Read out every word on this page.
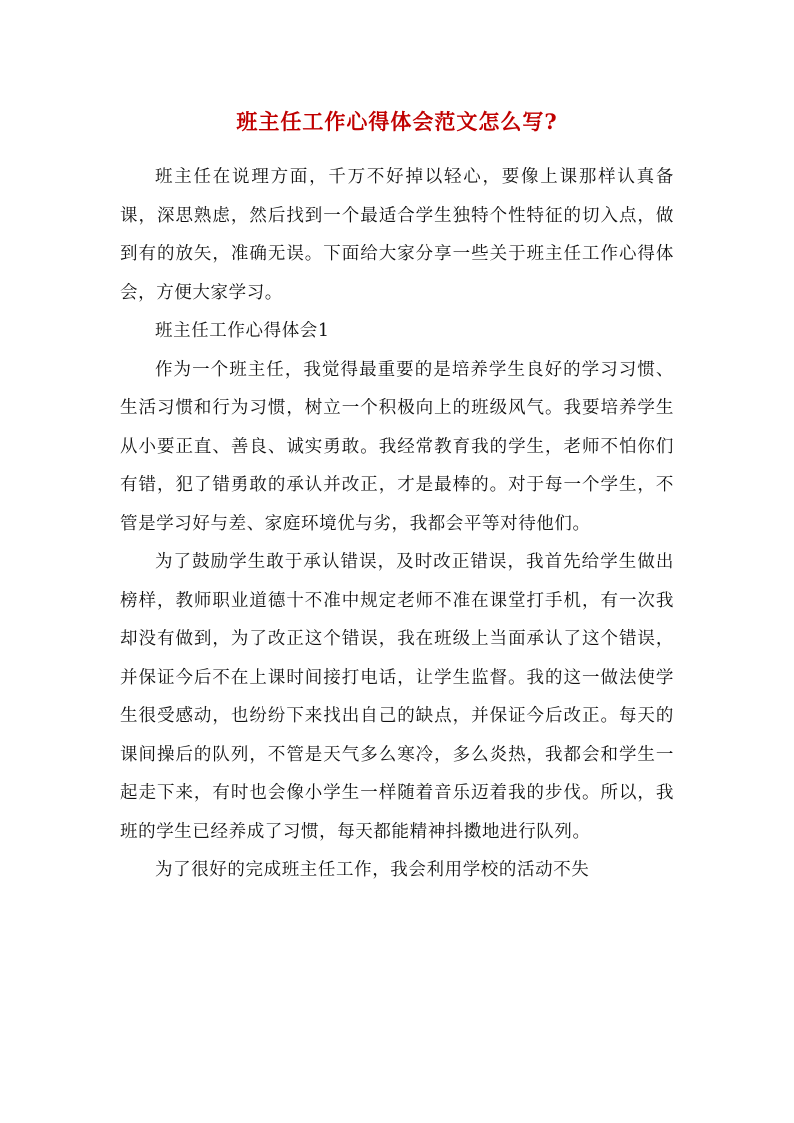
班主任工作心得体会范文怎么写?

班主任在说理方面，千万不好掉以轻心，要像上课那样认真备课，深思熟虑，然后找到一个最适合学生独特个性特征的切入点，做到有的放矢，准确无误。下面给大家分享一些关于班主任工作心得体会，方便大家学习。

班主任工作心得体会1

作为一个班主任，我觉得最重要的是培养学生良好的学习习惯、生活习惯和行为习惯，树立一个积极向上的班级风气。我要培养学生从小要正直、善良、诚实勇敢。我经常教育我的学生，老师不怕你们有错，犯了错勇敢的承认并改正，才是最棒的。对于每一个学生，不管是学习好与差、家庭环境优与劣，我都会平等对待他们。

为了鼓励学生敢于承认错误，及时改正错误，我首先给学生做出榜样，教师职业道德十不准中规定老师不准在课堂打手机，有一次我却没有做到，为了改正这个错误，我在班级上当面承认了这个错误，并保证今后不在上课时间接打电话，让学生监督。我的这一做法使学生很受感动，也纷纷下来找出自己的缺点，并保证今后改正。每天的课间操后的队列，不管是天气多么寒冷，多么炎热，我都会和学生一起走下来，有时也会像小学生一样随着音乐迈着我的步伐。所以，我班的学生已经养成了习惯，每天都能精神抖擞地进行队列。

为了很好的完成班主任工作，我会利用学校的活动不失
